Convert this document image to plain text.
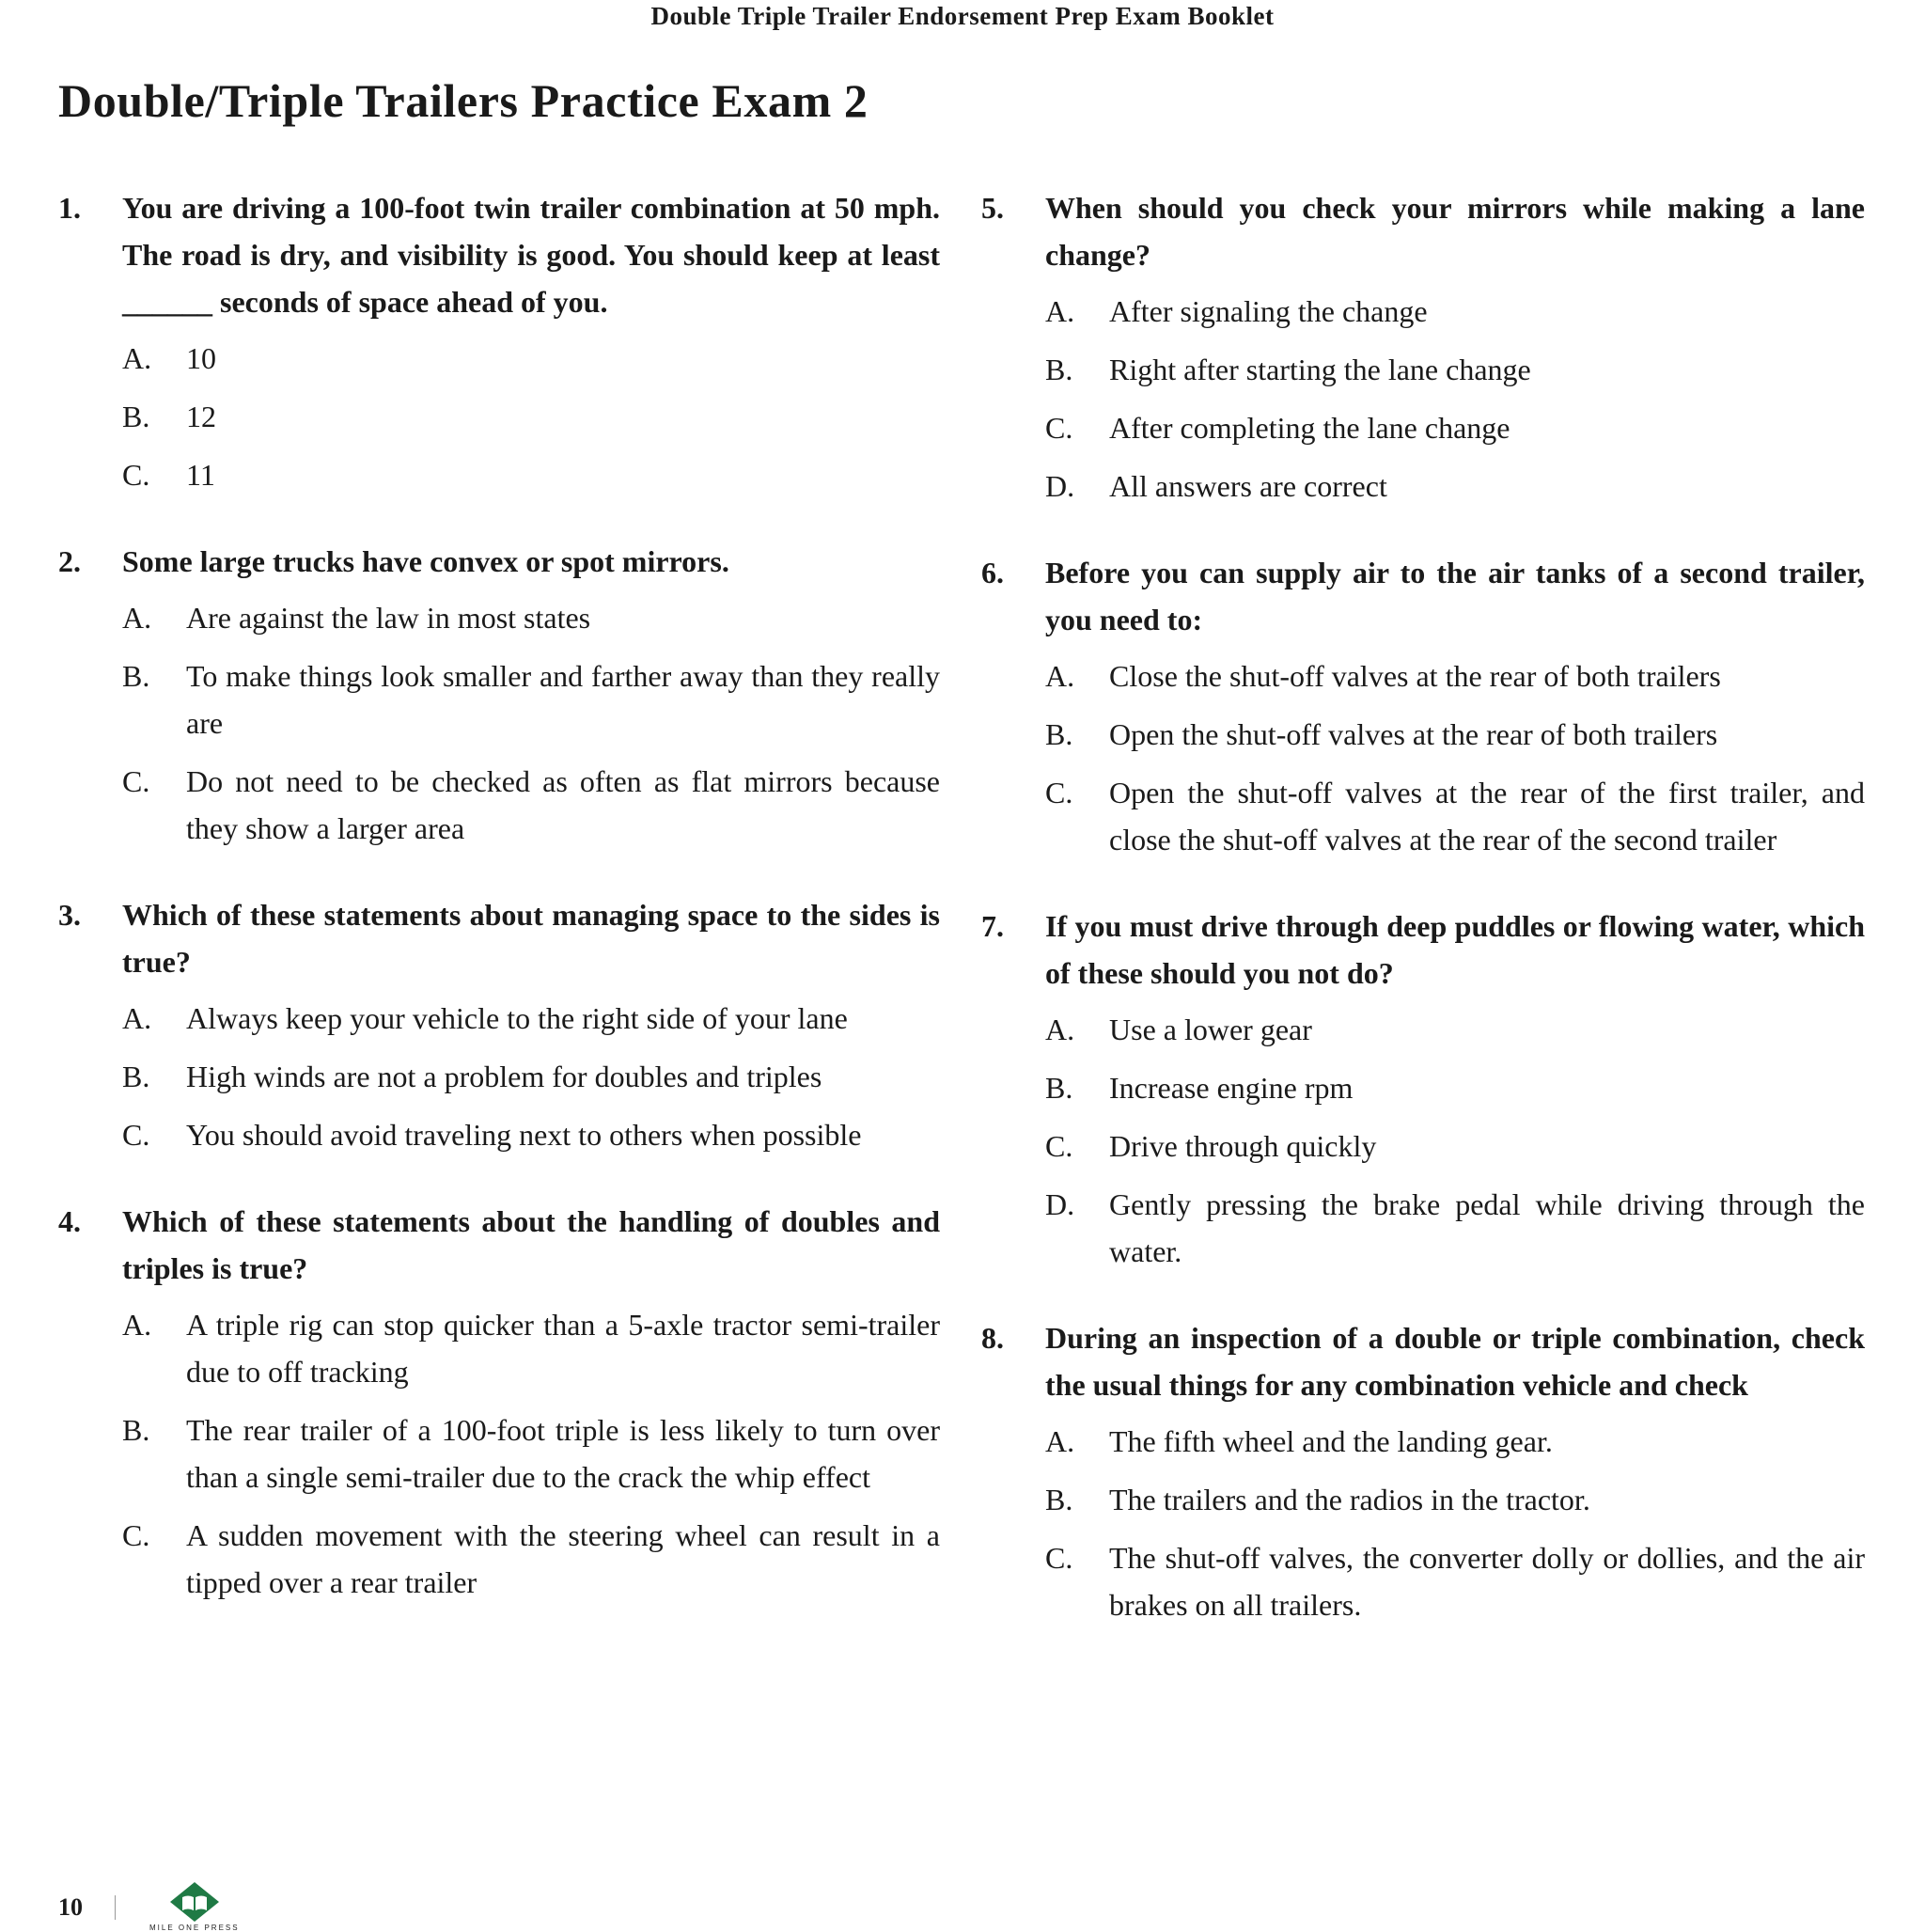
Double Triple Trailer Endorsement Prep Exam Booklet
Double/Triple Trailers Practice Exam 2
1.	You are driving a 100-foot twin trailer combination at 50 mph. The road is dry, and visibility is good. You should keep at least ______ seconds of space ahead of you.
A.	10
B.	12
C.	11
2.	Some large trucks have convex or spot mirrors.
A.	Are against the law in most states
B.	To make things look smaller and farther away than they really are
C.	Do not need to be checked as often as flat mirrors because they show a larger area
3.	Which of these statements about managing space to the sides is true?
A.	Always keep your vehicle to the right side of your lane
B.	High winds are not a problem for doubles and triples
C.	You should avoid traveling next to others when possible
4.	Which of these statements about the handling of doubles and triples is true?
A.	A triple rig can stop quicker than a 5-axle tractor semi-trailer due to off tracking
B.	The rear trailer of a 100-foot triple is less likely to turn over than a single semi-trailer due to the crack the whip effect
C.	A sudden movement with the steering wheel can result in a tipped over a rear trailer
5.	When should you check your mirrors while making a lane change?
A.	After signaling the change
B.	Right after starting the lane change
C.	After completing the lane change
D.	All answers are correct
6.	Before you can supply air to the air tanks of a second trailer, you need to:
A.	Close the shut-off valves at the rear of both trailers
B.	Open the shut-off valves at the rear of both trailers
C.	Open the shut-off valves at the rear of the first trailer, and close the shut-off valves at the rear of the second trailer
7.	If you must drive through deep puddles or flowing water, which of these should you not do?
A.	Use a lower gear
B.	Increase engine rpm
C.	Drive through quickly
D.	Gently pressing the brake pedal while driving through the water.
8.	During an inspection of a double or triple combination, check the usual things for any combination vehicle and check
A.	The fifth wheel and the landing gear.
B.	The trailers and the radios in the tractor.
C.	The shut-off valves, the converter dolly or dollies, and the air brakes on all trailers.
10
MILE ONE PRESS
